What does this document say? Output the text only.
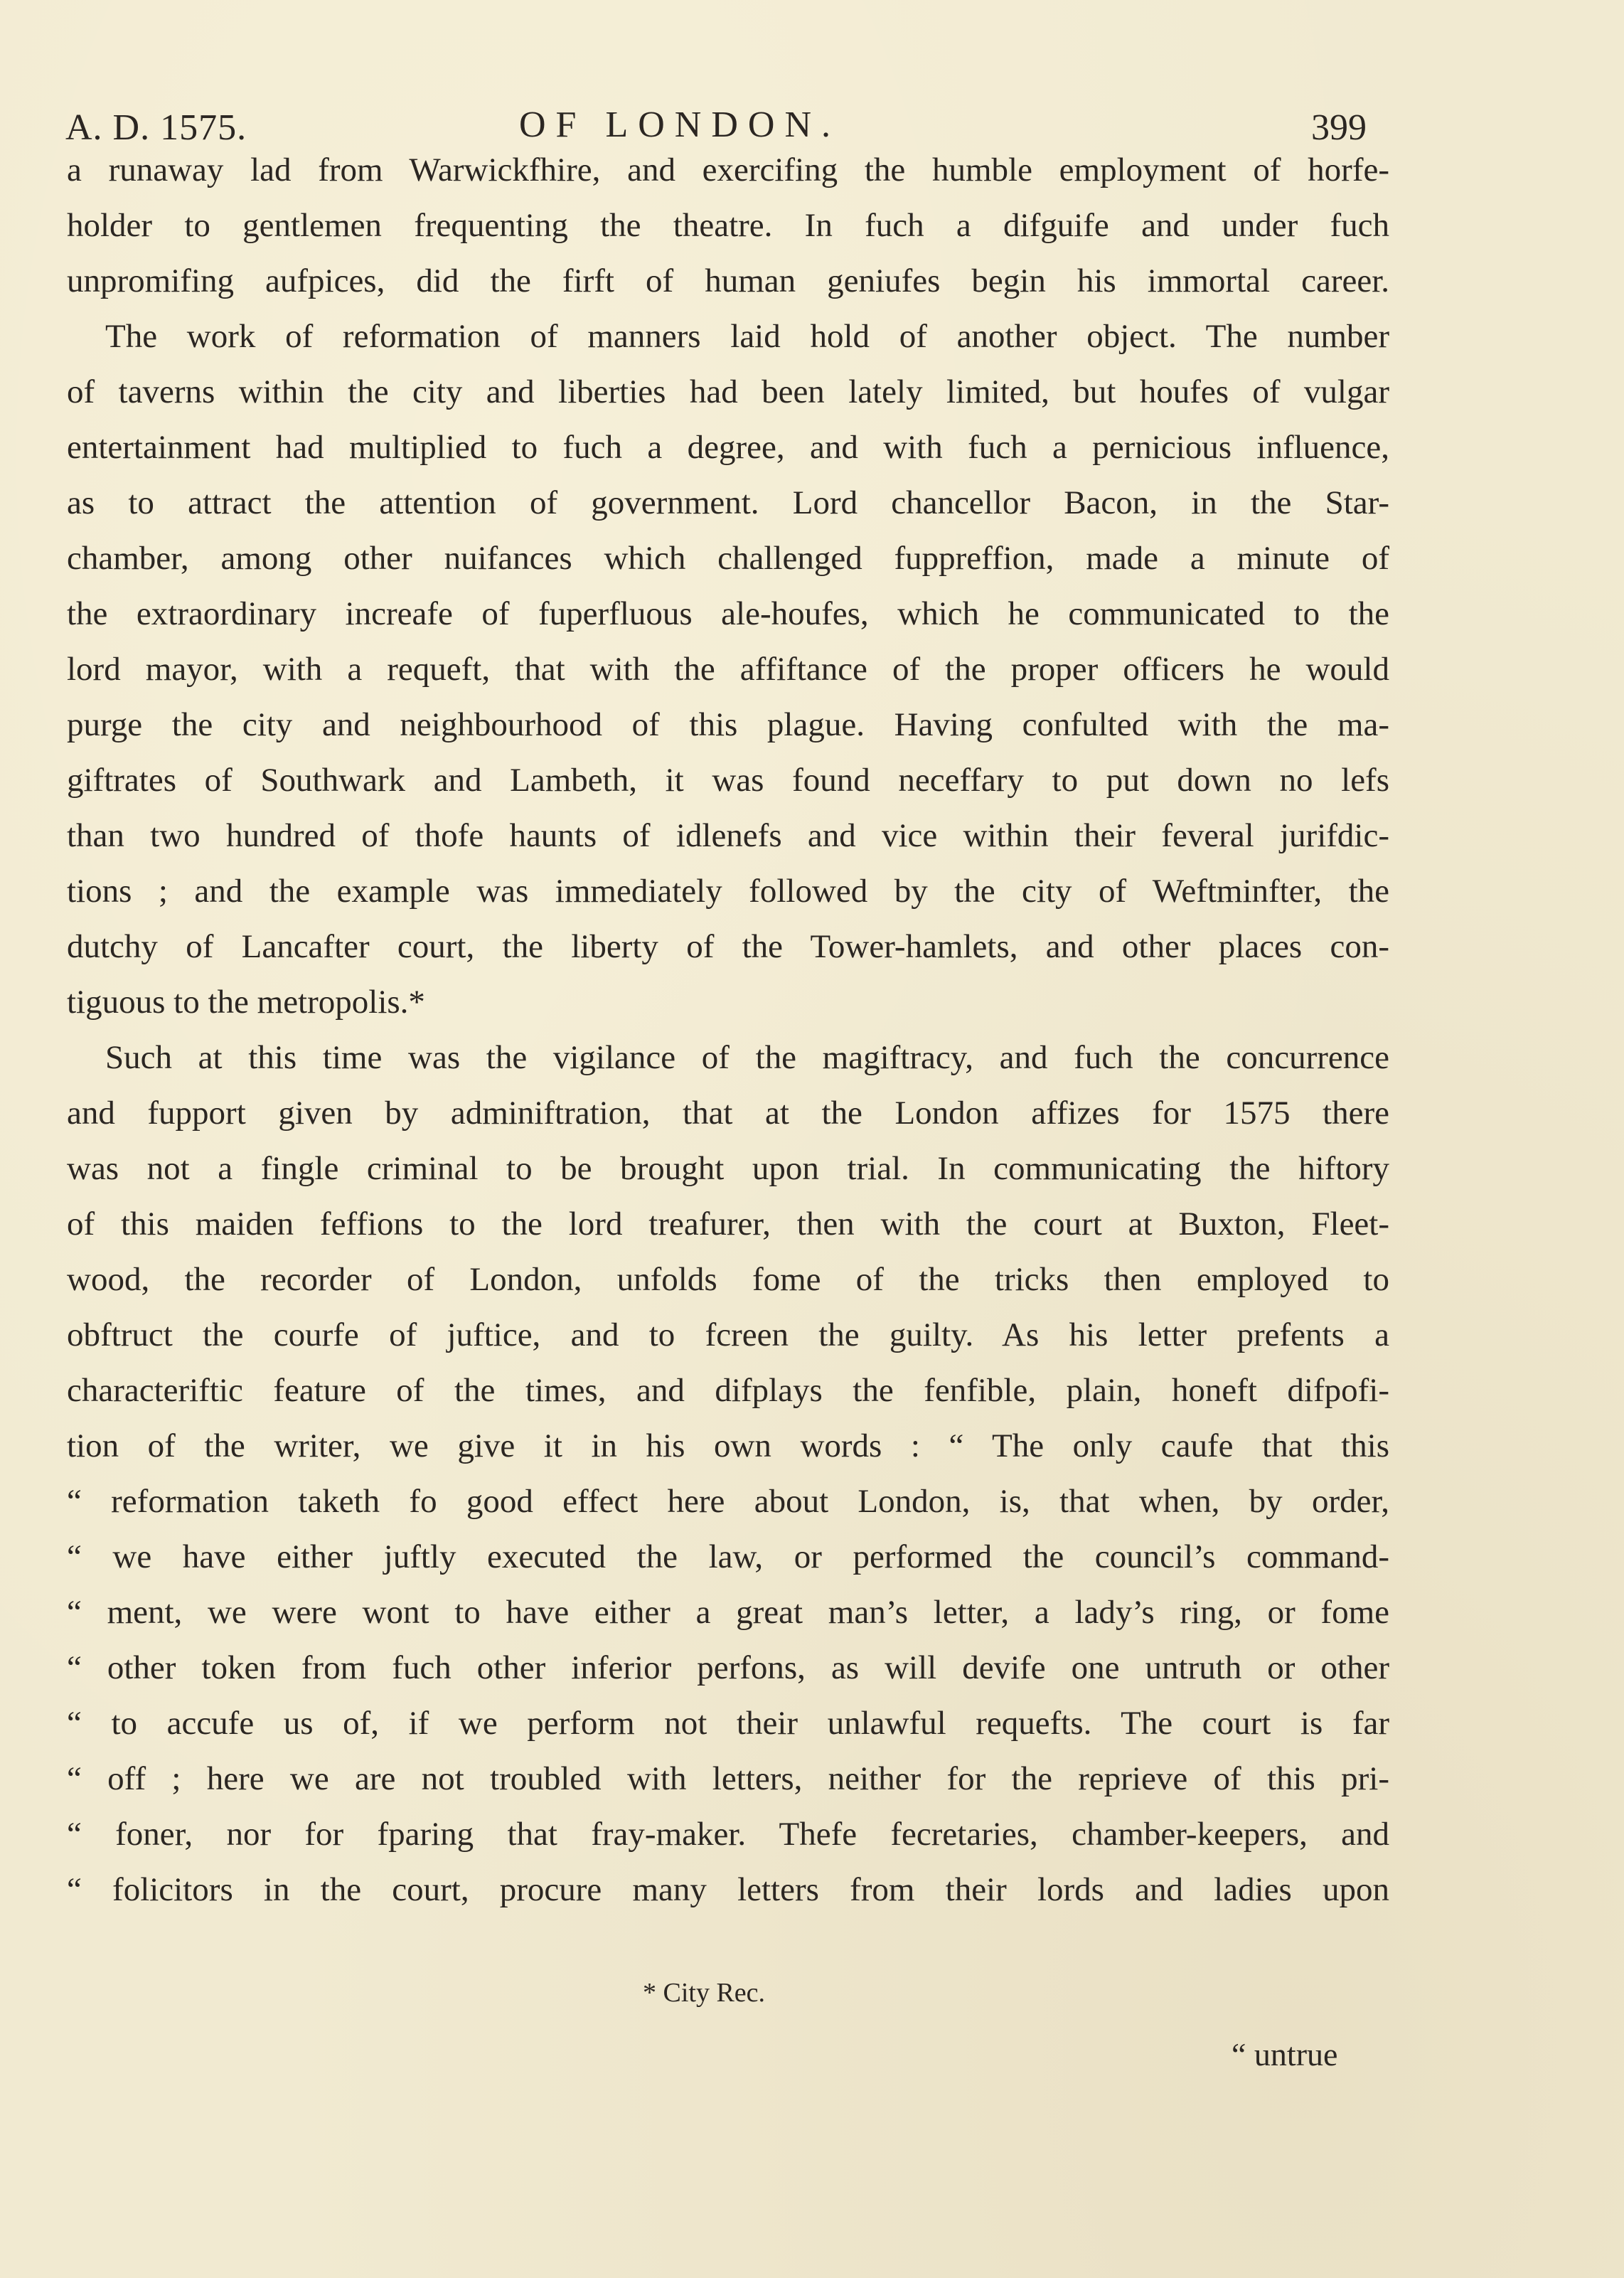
A. D. 1575.	OF LONDON.	399
a runaway lad from Warwickfhire, and exercifing the humble employment of horfe-
holder to gentlemen frequenting the theatre. In fuch a difguife and under fuch
unpromifing aufpices, did the firft of human geniufes begin his immortal career.
The work of reformation of manners laid hold of another object. The number
of taverns within the city and liberties had been lately limited, but houfes of vulgar
entertainment had multiplied to fuch a degree, and with fuch a pernicious influence,
as to attract the attention of government. Lord chancellor Bacon, in the Star-
chamber, among other nuifances which challenged fuppreffion, made a minute of
the extraordinary increafe of fuperfluous ale-houfes, which he communicated to the
lord mayor, with a requeft, that with the affiftance of the proper officers he would
purge the city and neighbourhood of this plague. Having confulted with the ma-
giftrates of Southwark and Lambeth, it was found neceffary to put down no lefs
than two hundred of thofe haunts of idlenefs and vice within their feveral jurifdic-
tions ; and the example was immediately followed by the city of Weftminfter, the
dutchy of Lancafter court, the liberty of the Tower-hamlets, and other places con-
tiguous to the metropolis.*
Such at this time was the vigilance of the magiftracy, and fuch the concurrence
and fupport given by adminiftration, that at the London affizes for 1575 there
was not a fingle criminal to be brought upon trial. In communicating the hiftory
of this maiden feffions to the lord treafurer, then with the court at Buxton, Fleet-
wood, the recorder of London, unfolds fome of the tricks then employed to
obftruct the courfe of juftice, and to fcreen the guilty. As his letter prefents a
characteriftic feature of the times, and difplays the fenfible, plain, honeft difpofi-
tion of the writer, we give it in his own words : “ The only caufe that this
“ reformation taketh fo good effect here about London, is, that when, by order,
“ we have either juftly executed the law, or performed the council’s command-
“ ment, we were wont to have either a great man’s letter, a lady’s ring, or fome
“ other token from fuch other inferior perfons, as will devife one untruth or other
“ to accufe us of, if we perform not their unlawful requefts. The court is far
“ off ; here we are not troubled with letters, neither for the reprieve of this pri-
“ foner, nor for fparing that fray-maker. Thefe fecretaries, chamber-keepers, and
“ folicitors in the court, procure many letters from their lords and ladies upon
* City Rec.
“ untrue
